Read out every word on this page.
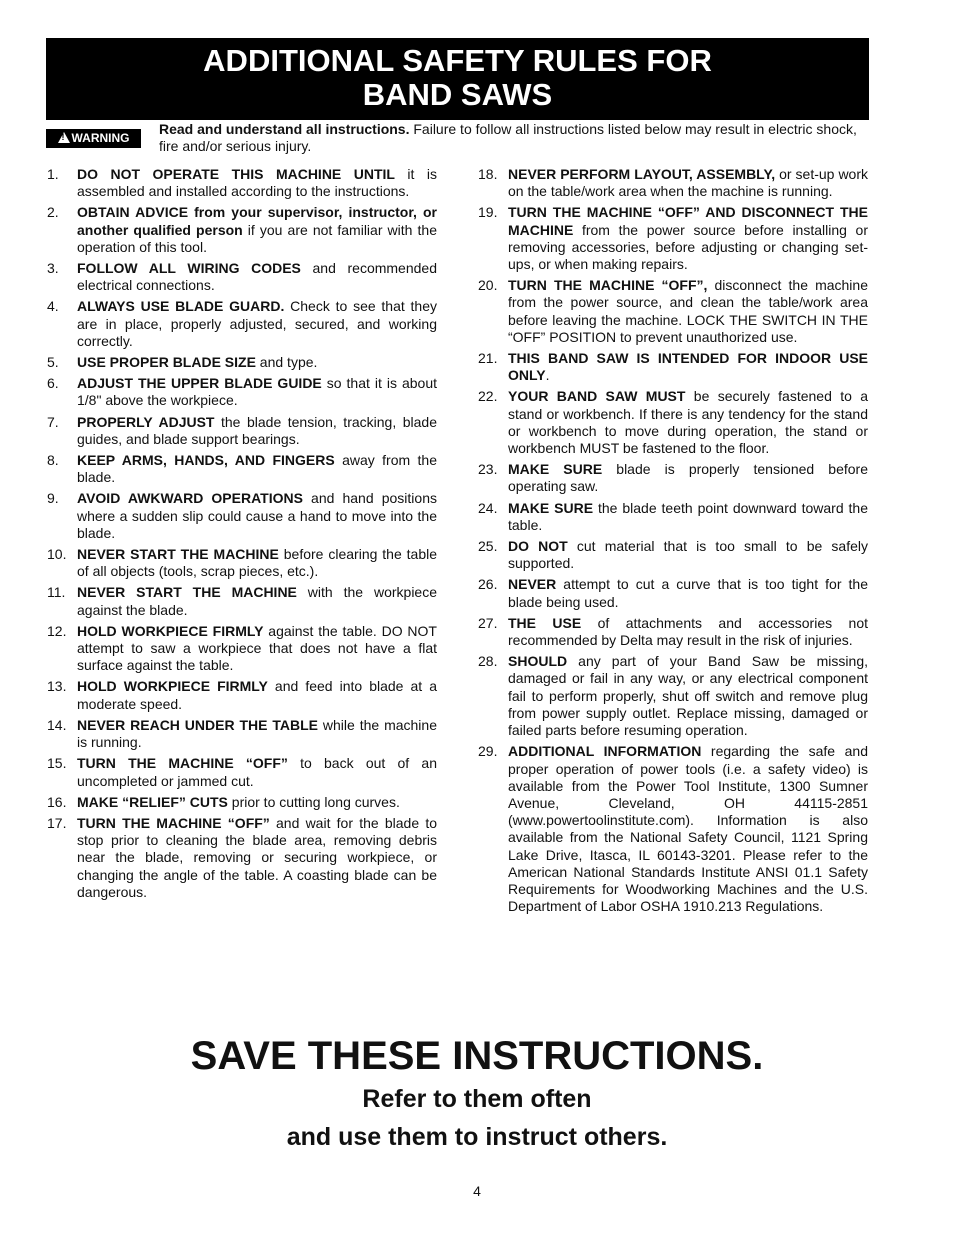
ADDITIONAL SAFETY RULES FOR
BAND SAWS
!WARNING
Read and understand all instructions. Failure to follow all instructions listed below may result in electric shock, fire and/or serious injury.
1.	DO NOT OPERATE THIS MACHINE UNTIL it is assembled and installed according to the instructions.
2.	OBTAIN ADVICE from your supervisor, instructor, or another qualified person if you are not familiar with the operation of this tool.
3.	FOLLOW ALL WIRING CODES and recommended electrical connections.
4.	ALWAYS USE BLADE GUARD. Check to see that they are in place, properly adjusted, secured, and working correctly.
5.	USE PROPER BLADE SIZE and type.
6.	ADJUST THE UPPER BLADE GUIDE so that it is about 1/8" above the workpiece.
7.	PROPERLY ADJUST the blade tension, tracking, blade guides, and blade support bearings.
8.	KEEP ARMS, HANDS, AND FINGERS away from the blade.
9.	AVOID AWKWARD OPERATIONS and hand positions where a sudden slip could cause a hand to move into the blade.
10. NEVER START THE MACHINE before clearing the table of all objects (tools, scrap pieces, etc.).
11. NEVER START THE MACHINE with the workpiece against the blade.
12. HOLD WORKPIECE FIRMLY against the table. DO NOT attempt to saw a workpiece that does not have a flat surface against the table.
13. HOLD WORKPIECE FIRMLY and feed into blade at a moderate speed.
14. NEVER REACH UNDER THE TABLE while the machine is running.
15. TURN THE MACHINE “OFF” to back out of an uncompleted or jammed cut.
16. MAKE “RELIEF” CUTS prior to cutting long curves.
17. TURN THE MACHINE “OFF” and wait for the blade to stop prior to cleaning the blade area, removing debris near the blade, removing or securing workpiece, or changing the angle of the table. A coasting blade can be dangerous.
18. NEVER PERFORM LAYOUT, ASSEMBLY, or set-up work on the table/work area when the machine is running.
19. TURN THE MACHINE “OFF” AND DISCONNECT THE MACHINE from the power source before installing or removing accessories, before adjusting or changing set-ups, or when making repairs.
20. TURN THE MACHINE “OFF”, disconnect the machine from the power source, and clean the table/work area before leaving the machine. LOCK THE SWITCH IN THE “OFF” POSITION to prevent unauthorized use.
21. THIS BAND SAW IS INTENDED FOR INDOOR USE ONLY.
22. YOUR BAND SAW MUST be securely fastened to a stand or workbench. If there is any tendency for the stand or workbench to move during operation, the stand or workbench MUST be fastened to the floor.
23. MAKE SURE blade is properly tensioned before operating saw.
24. MAKE SURE the blade teeth point downward toward the table.
25. DO NOT cut material that is too small to be safely supported.
26. NEVER attempt to cut a curve that is too tight for the blade being used.
27. THE USE of attachments and accessories not recommended by Delta may result in the risk of injuries.
28. SHOULD any part of your Band Saw be missing, damaged or fail in any way, or any electrical component fail to perform properly, shut off switch and remove plug from power supply outlet. Replace missing, damaged or failed parts before resuming operation.
29. ADDITIONAL INFORMATION regarding the safe and proper operation of power tools (i.e. a safety video) is available from the Power Tool Institute, 1300 Sumner Avenue, Cleveland, OH 44115-2851 (www.powertoolinstitute.com). Information is also available from the National Safety Council, 1121 Spring Lake Drive, Itasca, IL 60143-3201. Please refer to the American National Standards Institute ANSI 01.1 Safety Requirements for Woodworking Machines and the U.S. Department of Labor OSHA 1910.213 Regulations.
SAVE THESE INSTRUCTIONS.
Refer to them often
and use them to instruct others.
4
